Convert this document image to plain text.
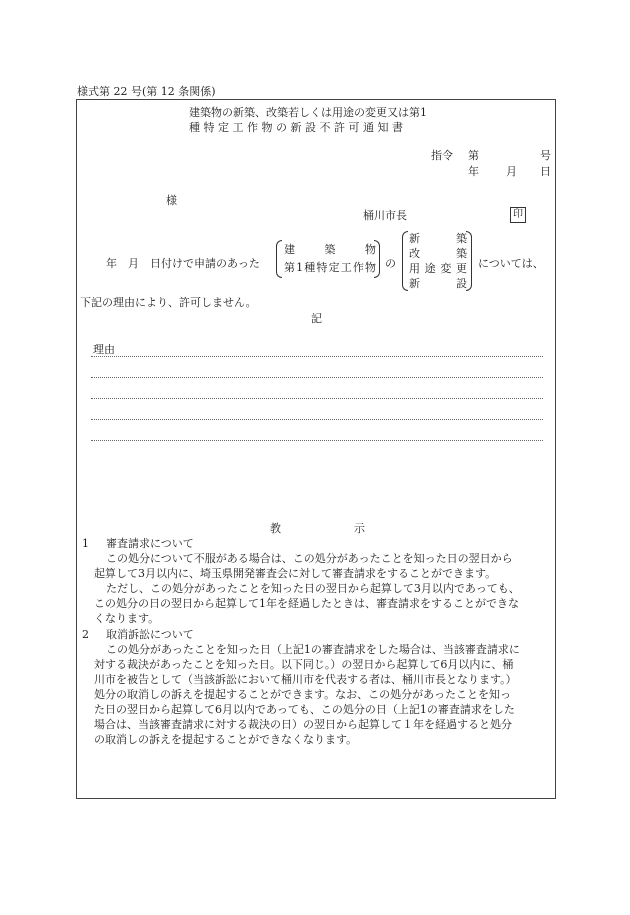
様式第 22 号(第 12 条関係)
建築物の新築、改築若しくは用途の変更又は第1
種 特 定 工 作 物 の 新 設 不 許 可 通 知 書
指令 第	号
年 月 日
様
桶川市長	印
年　月　日付けで申請のあった
建　　築　　物
第1種特定工作物 の
新　　築
改　　築
用 途 変 更
新　　設
については、
下記の理由により、許可しません。
記
理由
教	示
1 審査請求について
この処分について不服がある場合は、この処分があったことを知った日の翌日から
起算して3月以内に、埼玉県開発審査会に対して審査請求をすることができます。
ただし、この処分があったことを知った日の翌日から起算して3月以内であっても、
この処分の日の翌日から起算して1年を経過したときは、審査請求をすることができな
くなります。
2 取消訴訟について
この処分があったことを知った日（上記1の審査請求をした場合は、当該審査請求に
対する裁決があったことを知った日。以下同じ。）の翌日から起算して6月以内に、桶
川市を被告として（当該訴訟において桶川市を代表する者は、桶川市長となります。）
処分の取消しの訴えを提起することができます。なお、この処分があったことを知っ
た日の翌日から起算して6月以内であっても、この処分の日（上記1の審査請求をした
場合は、当該審査請求に対する裁決の日）の翌日から起算して１年を経過すると処分
の取消しの訴えを提起することができなくなります。
